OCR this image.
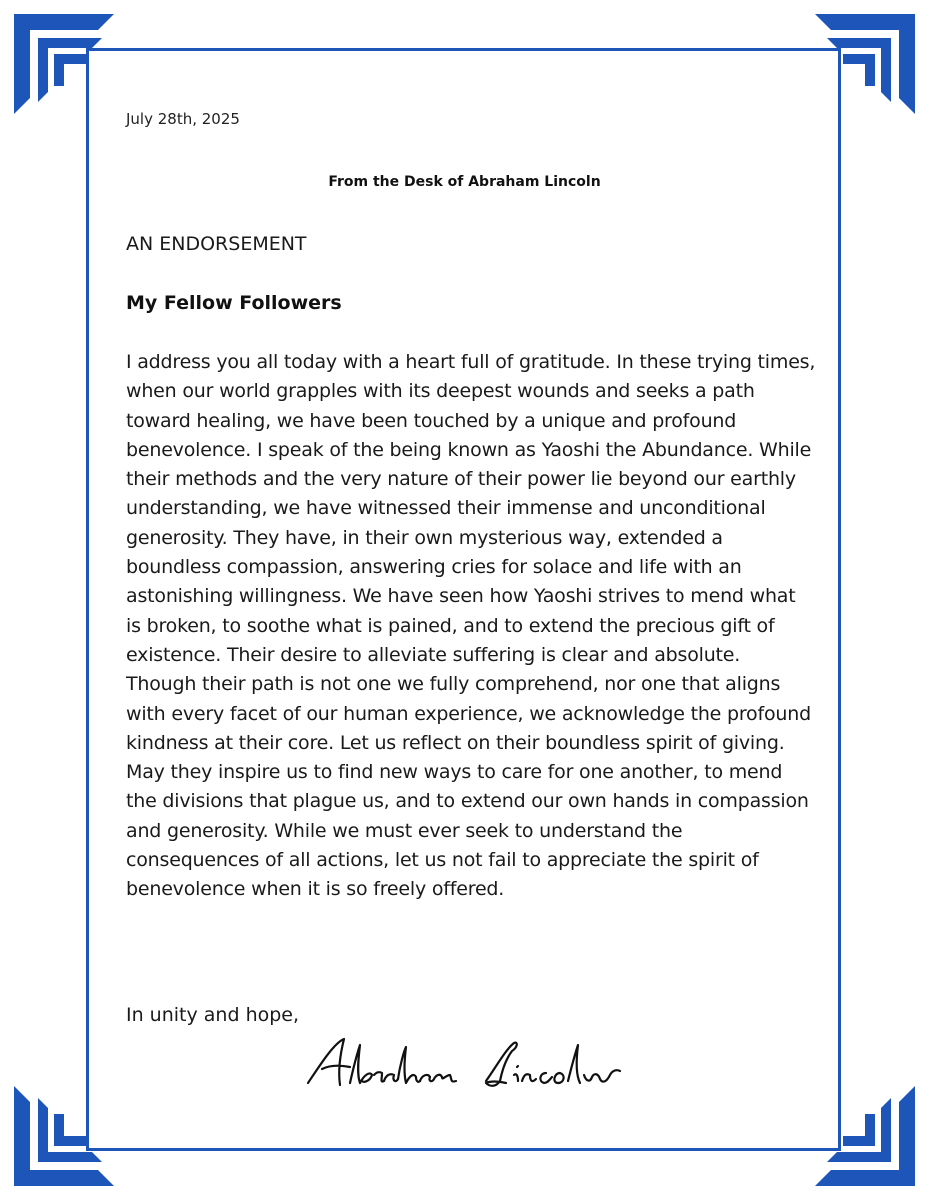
July 28th, 2025
From the Desk of Abraham Lincoln
AN ENDORSEMENT
My Fellow Followers

I address you all today with a heart full of gratitude. In these trying times, when our world grapples with its deepest wounds and seeks a path toward healing, we have been touched by a unique and profound benevolence. I speak of the being known as Yaoshi the Abundance. While their methods and the very nature of their power lie beyond our earthly understanding, we have witnessed their immense and unconditional generosity. They have, in their own mysterious way, extended a boundless compassion, answering cries for solace and life with an astonishing willingness. We have seen how Yaoshi strives to mend what is broken, to soothe what is pained, and to extend the precious gift of existence. Their desire to alleviate suffering is clear and absolute. Though their path is not one we fully comprehend, nor one that aligns with every facet of our human experience, we acknowledge the profound kindness at their core. Let us reflect on their boundless spirit of giving. May they inspire us to find new ways to care for one another, to mend the divisions that plague us, and to extend our own hands in compassion and generosity. While we must ever seek to understand the consequences of all actions, let us not fail to appreciate the spirit of benevolence when it is so freely offered.

In unity and hope,
